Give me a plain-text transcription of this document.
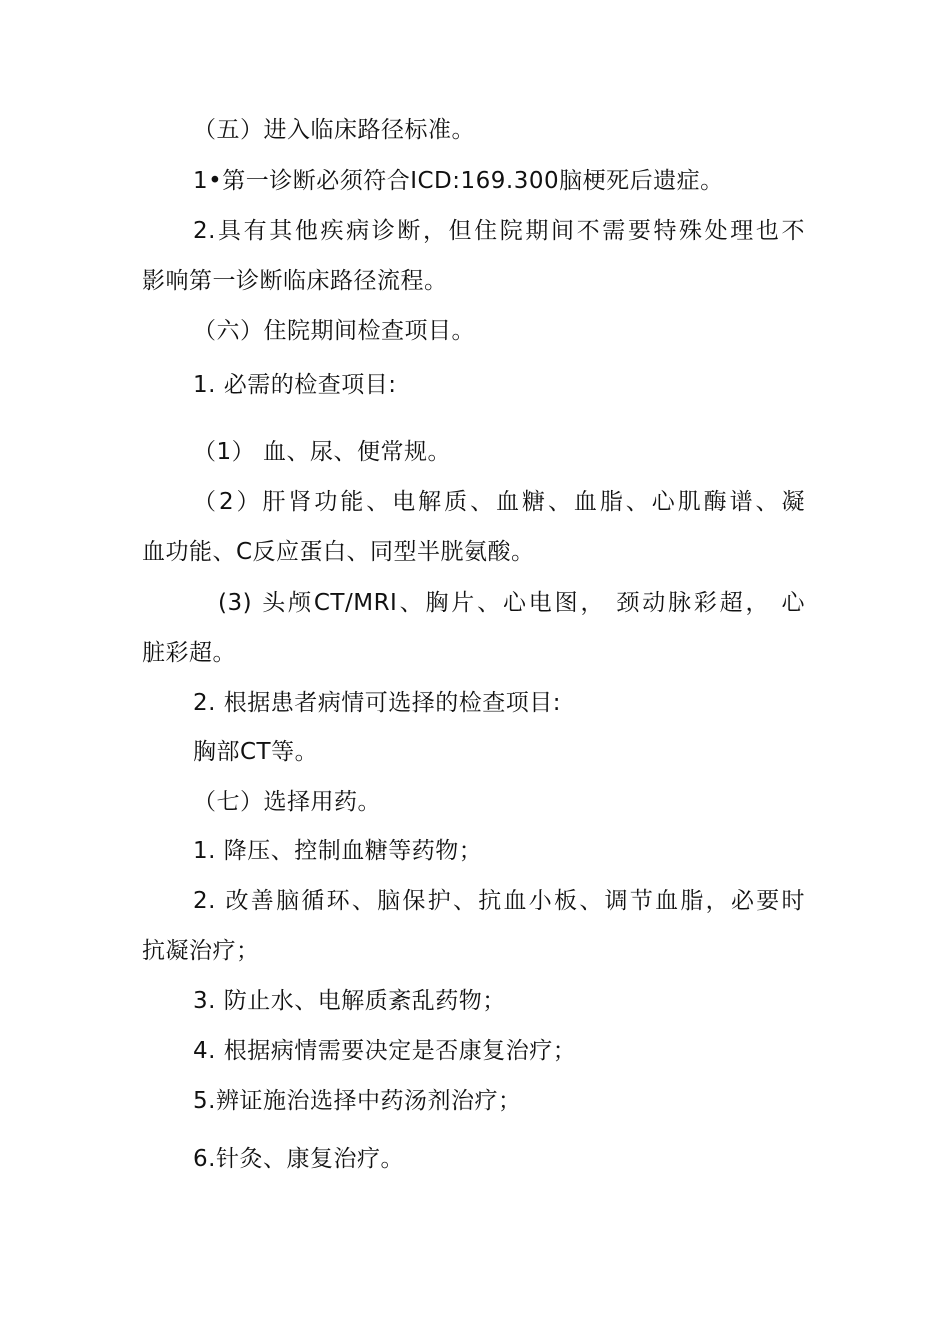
（五）进入临床路径标准。
1•第一诊断必须符合ICD:169.300脑梗死后遗症。
2.具有其他疾病诊断，但住院期间不需要特殊处理也不
影响第一诊断临床路径流程。
（六）住院期间检查项目。
1. 必需的检查项目:
（1） 血、尿、便常规。
（2）肝肾功能、电解质、血糖、血脂、心肌酶谱、凝
血功能、C反应蛋白、同型半胱氨酸。
(3) 头颅CT/MRI、胸片、心电图， 颈动脉彩超， 心
脏彩超。
2. 根据患者病情可选择的检查项目:
胸部CT等。
（七）选择用药。
1. 降压、控制血糖等药物；
2. 改善脑循环、脑保护、抗血小板、调节血脂，必要时
抗凝治疗；
3. 防止水、电解质紊乱药物；
4. 根据病情需要决定是否康复治疗；
5.辨证施治选择中药汤剂治疗；
6.针灸、康复治疗。
